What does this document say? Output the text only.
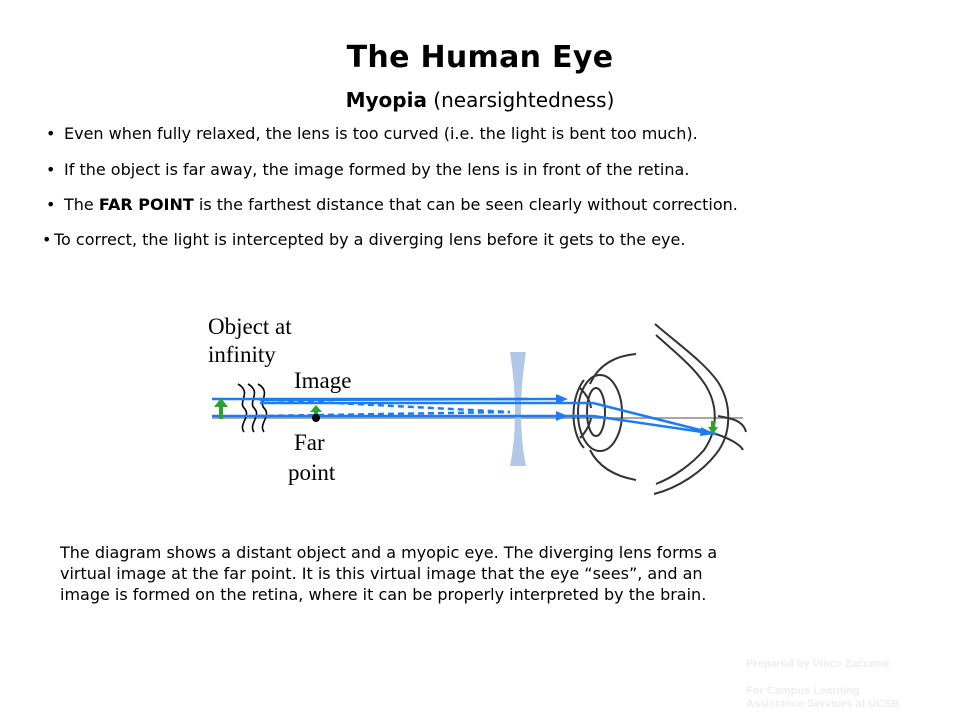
The Human Eye
Myopia (nearsightedness)
• Even when fully relaxed, the lens is too curved (i.e. the light is bent too much).
• If the object is far away, the image formed by the lens is in front of the retina.
• The FAR POINT is the farthest distance that can be seen clearly without correction.
• To correct, the light is intercepted by a diverging lens before it gets to the eye.
Object at
infinity
Image
Far
point
The diagram shows a distant object and a myopic eye. The diverging lens forms a
virtual image at the far point. It is this virtual image that the eye “sees”, and an
image is formed on the retina, where it can be properly interpreted by the brain.
Prepared by Vince Zaccone
For Campus Learning
Assistance Services at UCSB
